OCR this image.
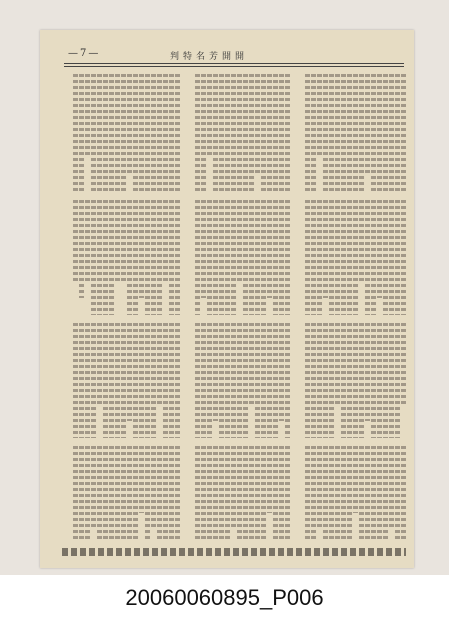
—7—	判特名芳開開
20060060895_P006
